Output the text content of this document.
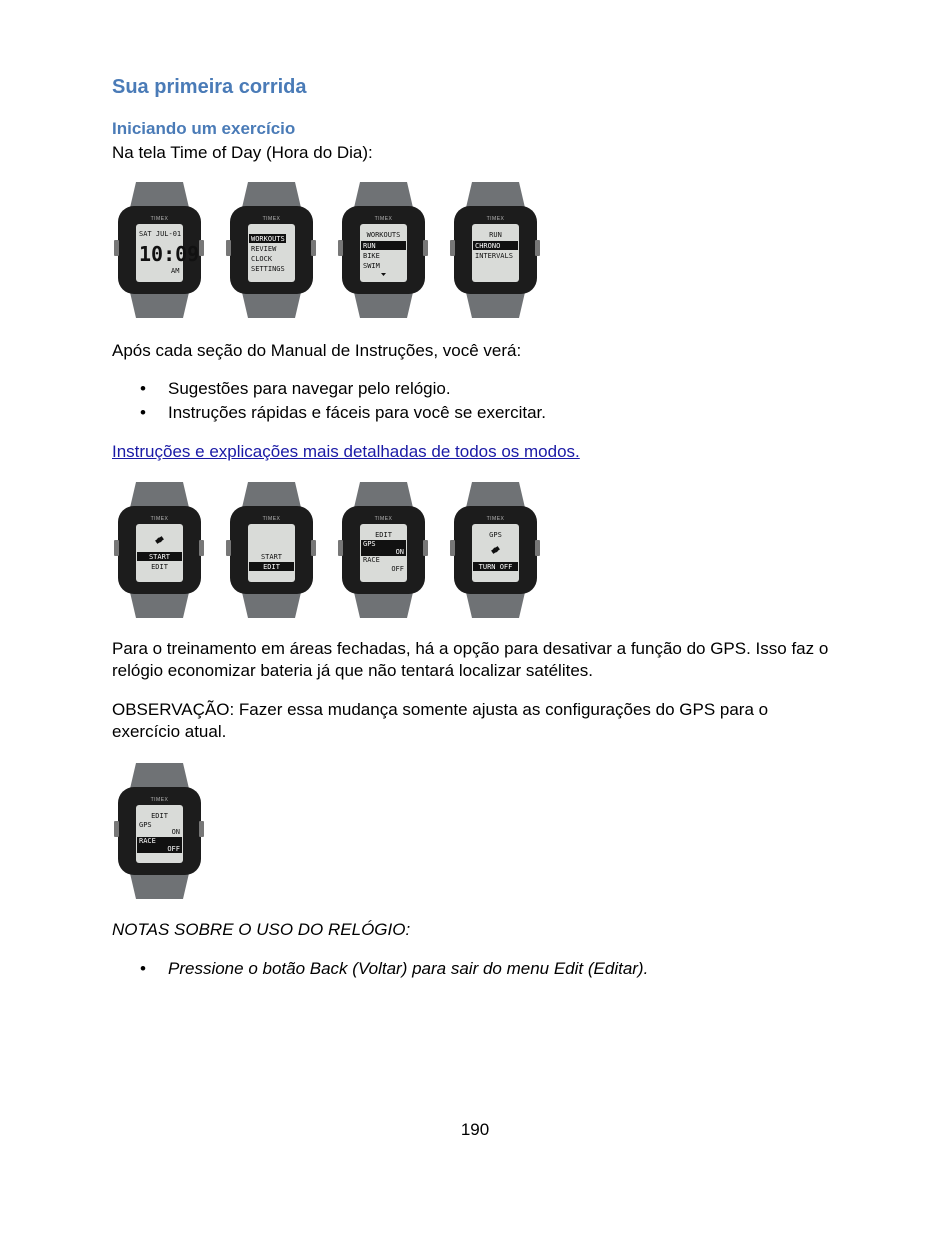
Sua primeira corrida
Iniciando um exercício
Na tela Time of Day (Hora do Dia):
TIMEX
SAT JUL-01
10:09
AM
TIMEX
WORKOUTS
REVIEW
CLOCK
SETTINGS
TIMEX
WORKOUTS
RUN
BIKE
SWIM
TIMEX
RUN
CHRONO
INTERVALS
Após cada seção do Manual de Instruções, você verá:
• Sugestões para navegar pelo relógio.
• Instruções rápidas e fáceis para você se exercitar.
Instruções e explicações mais detalhadas de todos os modos.
TIMEX
START
EDIT
TIMEX
START
EDIT
TIMEX
EDIT
GPS
ON
RACE
OFF
TIMEX
GPS
TURN OFF
Para o treinamento em áreas fechadas, há a opção para desativar a função do GPS. Isso faz o
relógio economizar bateria já que não tentará localizar satélites.
OBSERVAÇÃO: Fazer essa mudança somente ajusta as configurações do GPS para o
exercício atual.
TIMEX
EDIT
GPS
ON
RACE
OFF
NOTAS SOBRE O USO DO RELÓGIO:
• Pressione o botão Back (Voltar) para sair do menu Edit (Editar).
190
